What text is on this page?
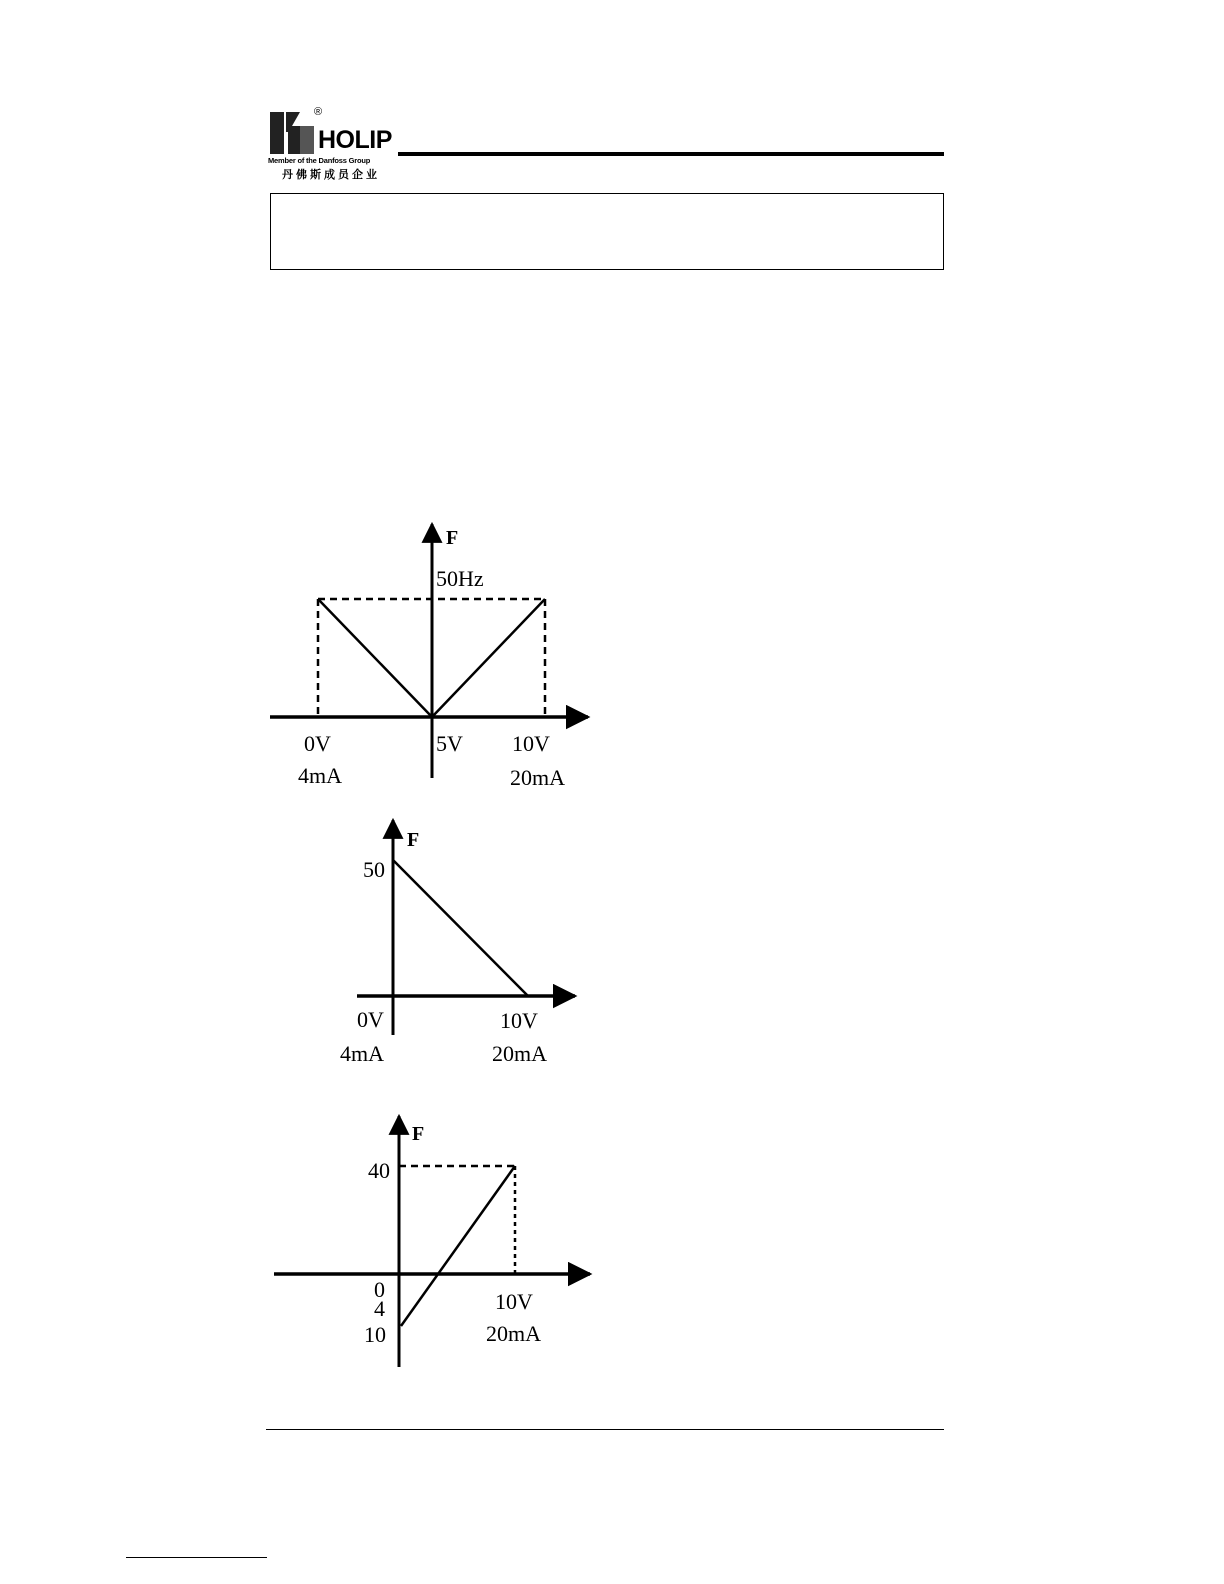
®
HOLIP
Member of the Danfoss Group
丹佛斯成员企业
F
50Hz
0V	5V 10V
4mA	20mA
F
50
0V	10V
4mA	20mA
F
40
0
4
10
10V
20mA
